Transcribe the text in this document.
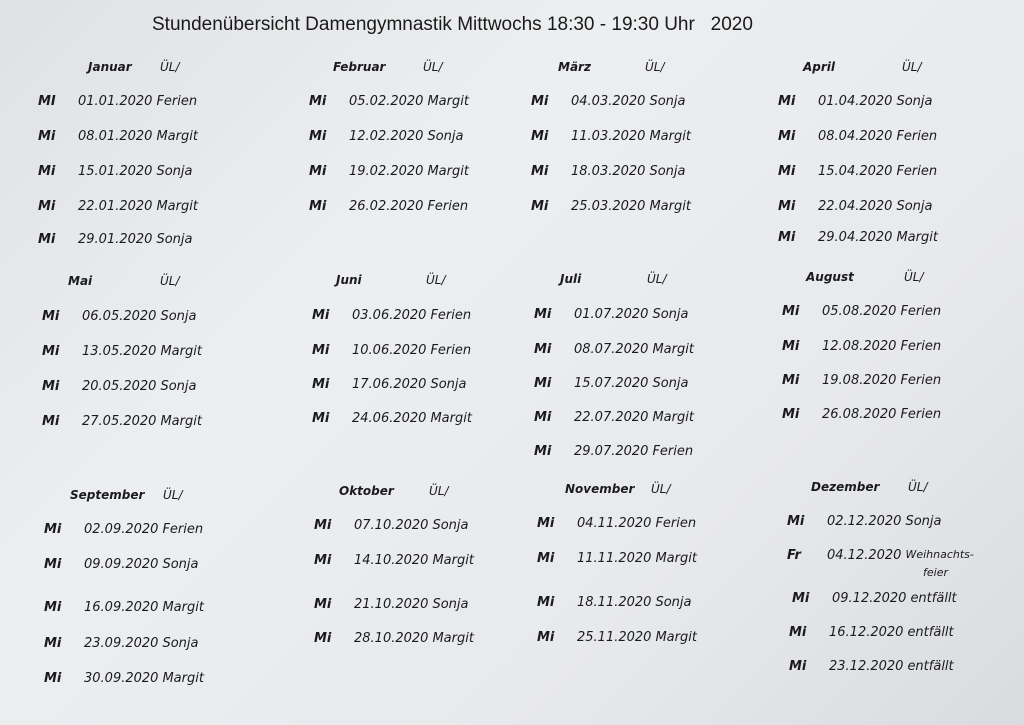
Stundenübersicht Damengymnastik Mittwochs 18:30 - 19:30 Uhr   2020
Januar ÜL/
MI 01.01.2020 Ferien
Mi 08.01.2020 Margit
Mi 15.01.2020 Sonja
Mi 22.01.2020 Margit
Mi 29.01.2020 Sonja
Februar	ÜL/
Mi 05.02.2020 Margit
Mi 12.02.2020 Sonja
Mi 19.02.2020 Margit
Mi 26.02.2020 Ferien
März	ÜL/
Mi 04.03.2020 Sonja
Mi 11.03.2020 Margit
Mi 18.03.2020 Sonja
Mi 25.03.2020 Margit
April	ÜL/
Mi 01.04.2020 Sonja
Mi 08.04.2020 Ferien
Mi 15.04.2020 Ferien
Mi 22.04.2020 Sonja
Mi 29.04.2020 Margit
Mai	ÜL/
Mi 06.05.2020 Sonja
Mi 13.05.2020 Margit
Mi 20.05.2020 Sonja
Mi 27.05.2020 Margit
Juni	ÜL/
Mi 03.06.2020 Ferien
Mi 10.06.2020 Ferien
Mi 17.06.2020 Sonja
Mi 24.06.2020 Margit
Juli	ÜL/
Mi 01.07.2020 Sonja
Mi 08.07.2020 Margit
Mi 15.07.2020 Sonja
Mi 22.07.2020 Margit
Mi 29.07.2020 Ferien
August	ÜL/
Mi 05.08.2020 Ferien
Mi 12.08.2020 Ferien
Mi 19.08.2020 Ferien
Mi 26.08.2020 Ferien
September ÜL/
Mi 02.09.2020 Ferien
Mi 09.09.2020 Sonja
Mi 16.09.2020 Margit
Mi 23.09.2020 Sonja
Mi 30.09.2020 Margit
Oktober	ÜL/
Mi 07.10.2020 Sonja
Mi 14.10.2020 Margit
Mi 21.10.2020 Sonja
Mi 28.10.2020 Margit
November ÜL/
Mi 04.11.2020 Ferien
Mi 11.11.2020 Margit
Mi 18.11.2020 Sonja
Mi 25.11.2020 Margit
Dezember ÜL/
Mi 02.12.2020 Sonja
Fr 04.12.2020 Weihnachts-
feier
Mi 09.12.2020 entfällt
Mi 16.12.2020 entfällt
Mi 23.12.2020 entfällt
